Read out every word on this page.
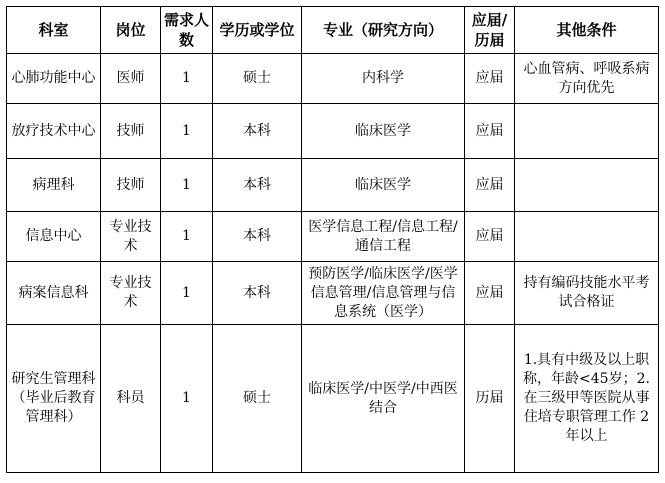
科室	岗位	需求人数	学历或学位	专业（研究方向）	应届/历届	其他条件
心肺功能中心	医师	1	硕士	内科学	应届	心血管病、呼吸系病方向优先
放疗技术中心	技师	1	本科	临床医学	应届	
病理科	技师	1	本科	临床医学	应届	
信息中心	专业技术	1	本科	医学信息工程/信息工程/通信工程	应届	
病案信息科	专业技术	1	本科	预防医学/临床医学/医学信息管理/信息管理与信息系统（医学）	应届	持有编码技能水平考试合格证
研究生管理科（毕业后教育管理科）	科员	1	硕士	临床医学/中医学/中西医结合	历届	1.具有中级及以上职称，年龄<45岁；2.在三级甲等医院从事住培专职管理工作 2 年以上
